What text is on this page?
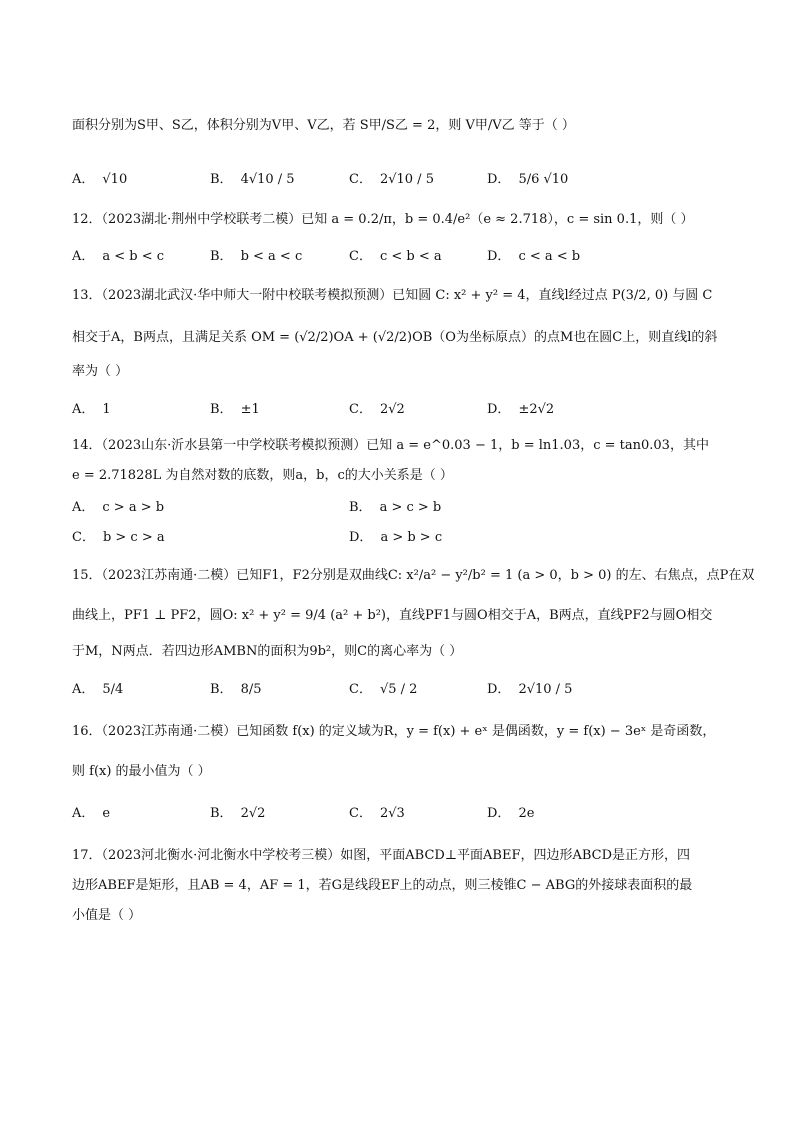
面积分别为S甲、S乙，体积分别为V甲、V乙，若 S甲/S乙 = 2，则 V甲/V乙 等于（ ）
A． √10	B． 4√10 / 5	C． 2√10 / 5	D． 5/6 √10
12．（2023湖北·荆州中学校联考二模）已知 a = 0.2/π，b = 0.4/e²（e ≈ 2.718），c = sin 0.1，则（ ）
A． a < b < c	B． b < a < c	C． c < b < a	D． c < a < b
13．（2023湖北武汉·华中师大一附中校联考模拟预测）已知圆 C: x² + y² = 4，直线l经过点 P(3/2, 0) 与圆 C
相交于A，B两点，且满足关系 OM = (√2/2)OA + (√2/2)OB（O为坐标原点）的点M也在圆C上，则直线l的斜
率为（ ）
A． 1	B． ±1	C． 2√2	D． ±2√2
14．（2023山东·沂水县第一中学校联考模拟预测）已知 a = e^0.03 − 1，b = ln1.03，c = tan0.03，其中
e = 2.71828L 为自然对数的底数，则a，b，c的大小关系是（ ）
A． c > a > b	B． a > c > b
C． b > c > a	D． a > b > c
15．（2023江苏南通·二模）已知F1，F2分别是双曲线C: x²/a² − y²/b² = 1 (a > 0，b > 0) 的左、右焦点，点P在双
曲线上，PF1 ⊥ PF2，圆O: x² + y² = 9/4 (a² + b²)，直线PF1与圆O相交于A，B两点，直线PF2与圆O相交
于M，N两点．若四边形AMBN的面积为9b²，则C的离心率为（ ）
A． 5/4	B． 8/5	C． √5 / 2	D． 2√10 / 5
16．（2023江苏南通·二模）已知函数 f(x) 的定义域为R，y = f(x) + eˣ 是偶函数，y = f(x) − 3eˣ 是奇函数，
则 f(x) 的最小值为（ ）
A． e	B． 2√2	C． 2√3	D． 2e
17．（2023河北衡水·河北衡水中学校考三模）如图，平面ABCD⊥平面ABEF，四边形ABCD是正方形，四
边形ABEF是矩形，且AB = 4，AF = 1，若G是线段EF上的动点，则三棱锥C − ABG的外接球表面积的最
小值是（ ）
